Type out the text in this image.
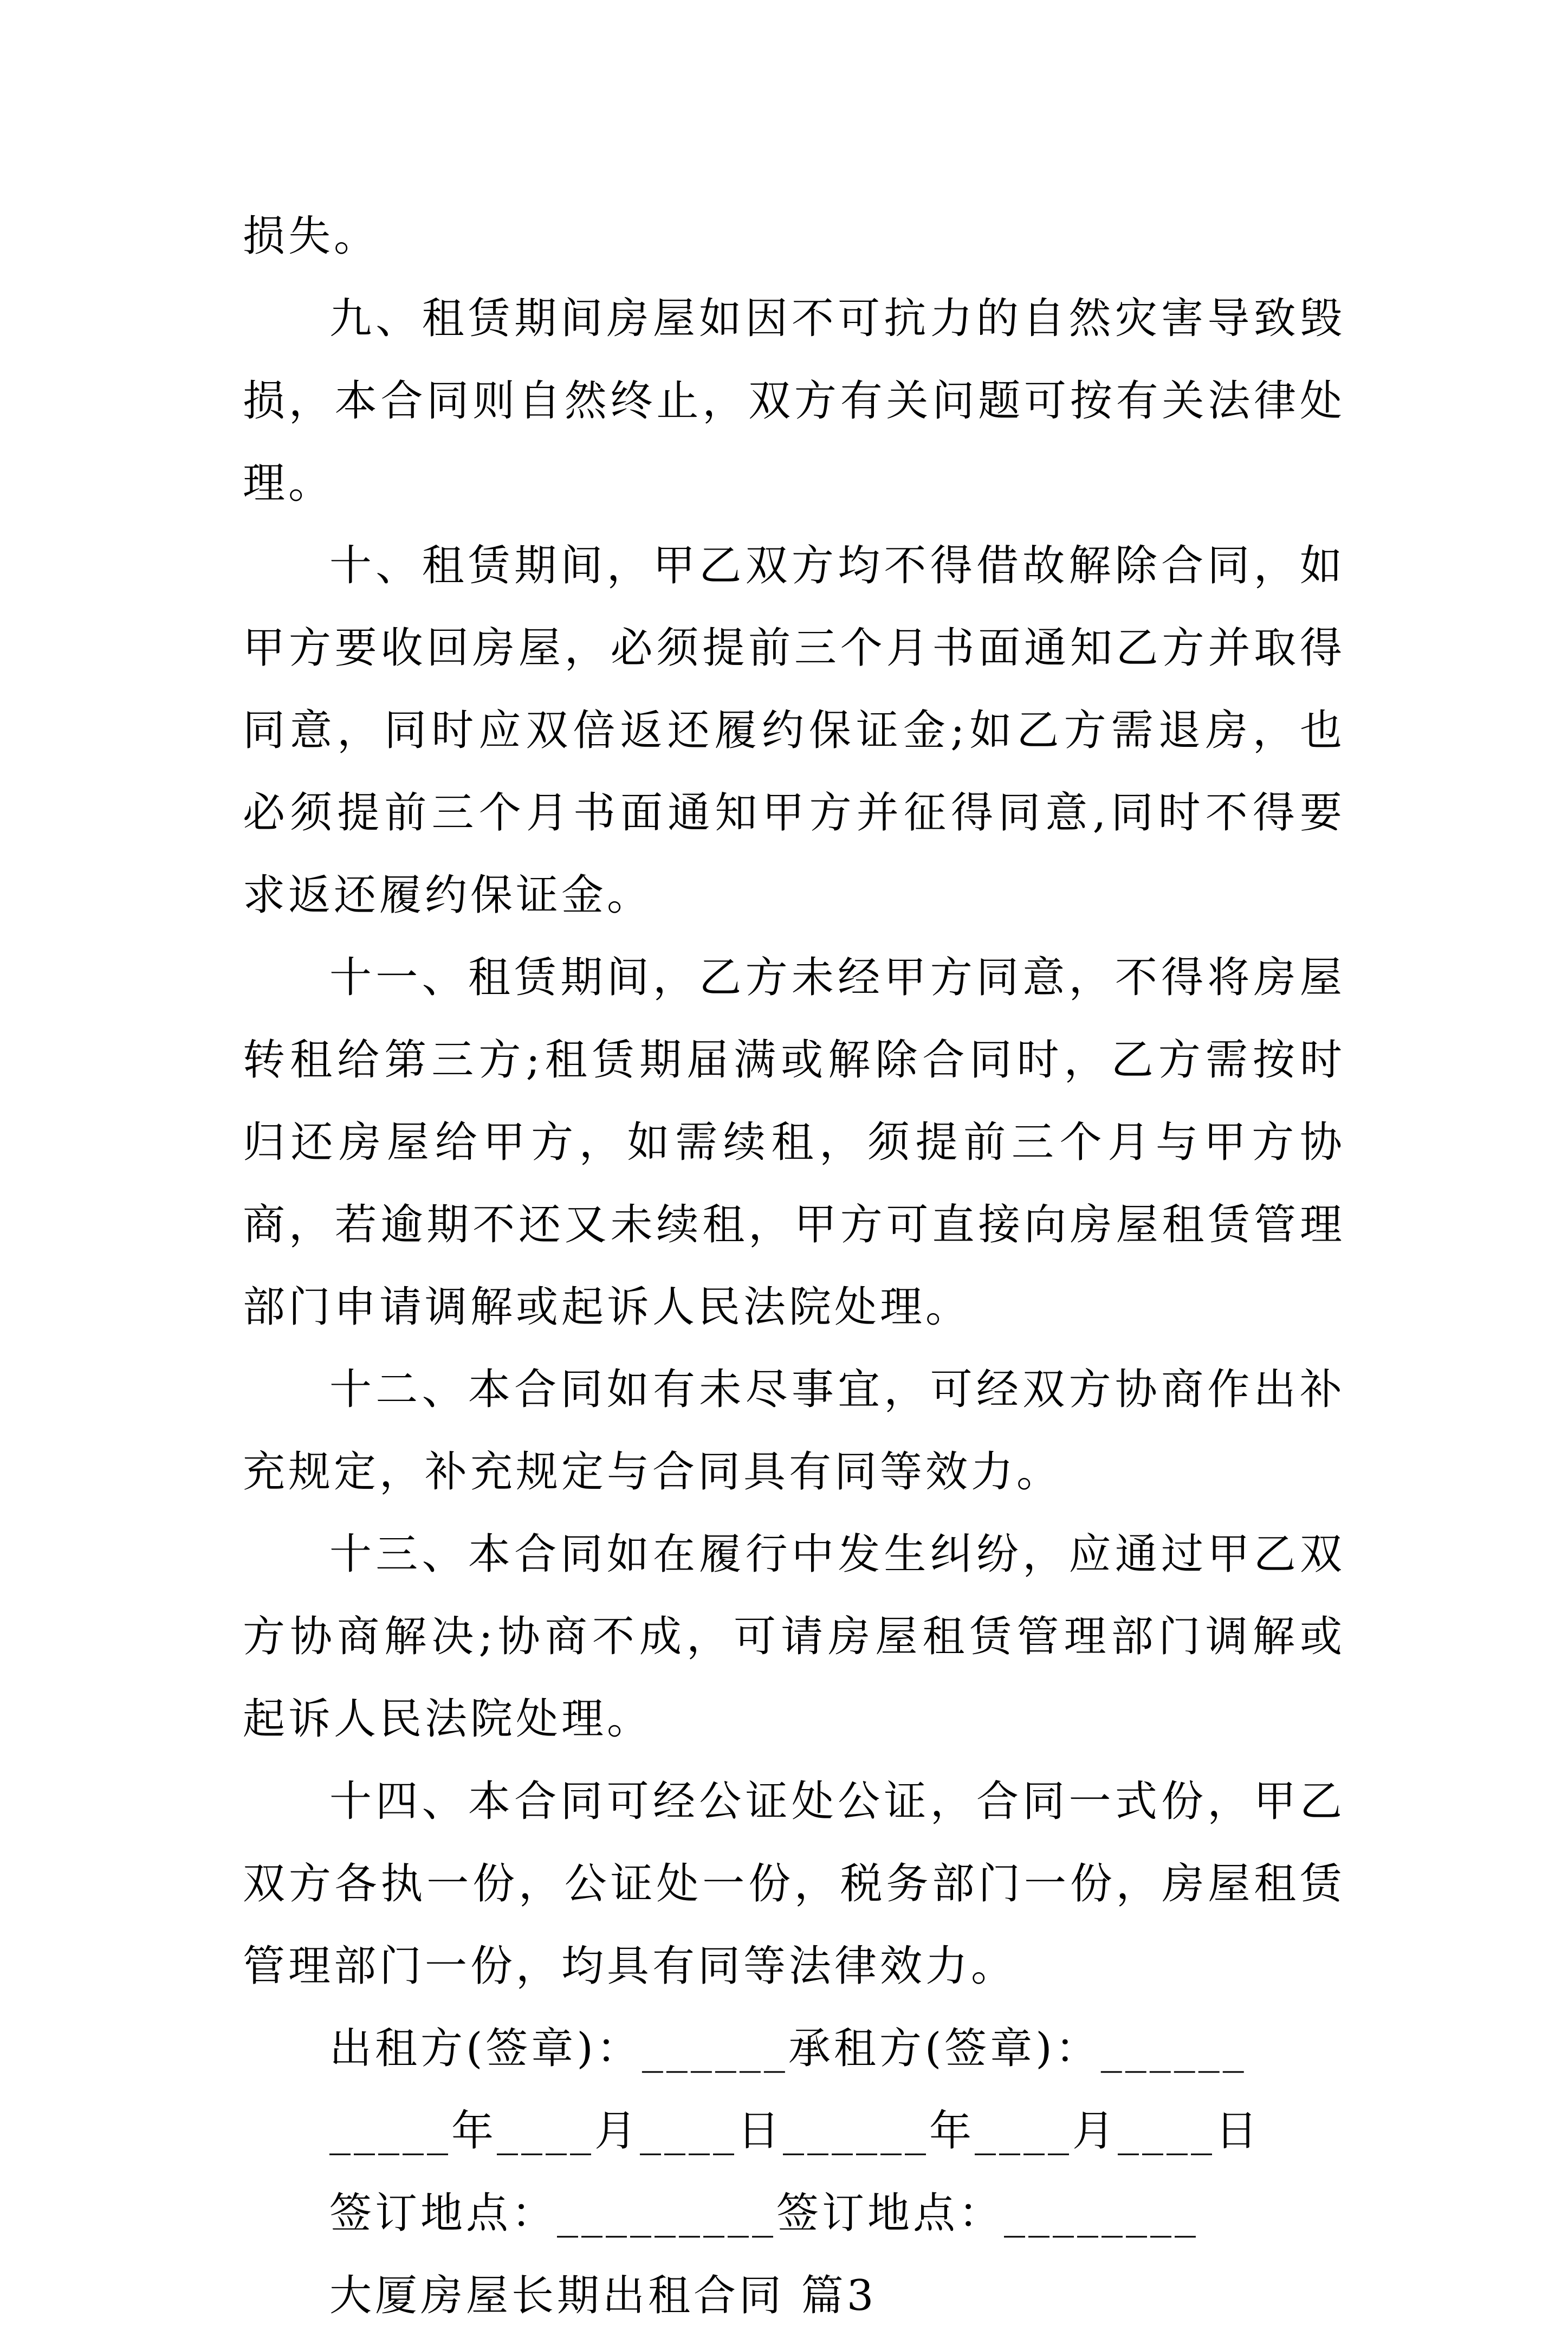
损失。

九、租赁期间房屋如因不可抗力的自然灾害导致毁损，本合同则自然终止，双方有关问题可按有关法律处理。

十、租赁期间，甲乙双方均不得借故解除合同，如甲方要收回房屋，必须提前三个月书面通知乙方并取得同意，同时应双倍返还履约保证金;如乙方需退房，也必须提前三个月书面通知甲方并征得同意,同时不得要求返还履约保证金。

十一、租赁期间，乙方未经甲方同意，不得将房屋转租给第三方;租赁期届满或解除合同时，乙方需按时归还房屋给甲方，如需续租，须提前三个月与甲方协商，若逾期不还又未续租，甲方可直接向房屋租赁管理部门申请调解或起诉人民法院处理。

十二、本合同如有未尽事宜，可经双方协商作出补充规定，补充规定与合同具有同等效力。

十三、本合同如在履行中发生纠纷，应通过甲乙双方协商解决;协商不成，可请房屋租赁管理部门调解或起诉人民法院处理。

十四、本合同可经公证处公证，合同一式份，甲乙双方各执一份，公证处一份，税务部门一份，房屋租赁管理部门一份，均具有同等法律效力。

出租方(签章)：______承租方(签章)：______

_____年____月____日______年____月____日

签订地点：_________签订地点：________

大厦房屋长期出租合同 篇3
